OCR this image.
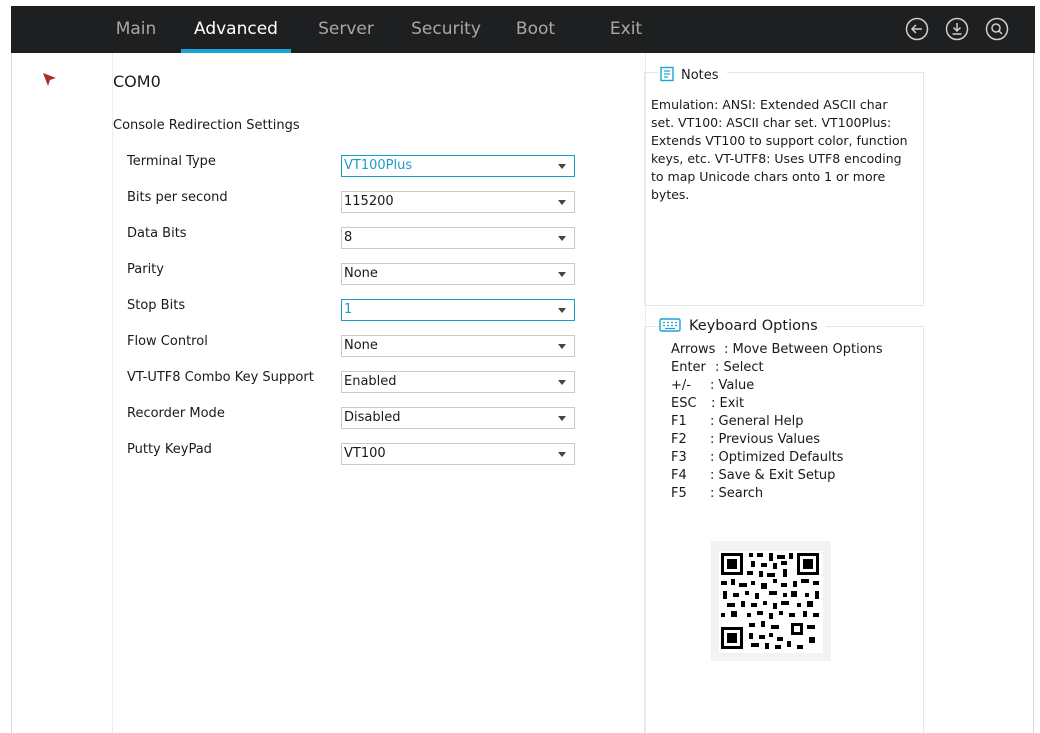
Main	Advanced	Server	Security	Boot	Exit
COM0
Console Redirection Settings
Terminal Type	VT100Plus
Bits per second	115200
Data Bits	8
Parity	None
Stop Bits	1
Flow Control	None
VT-UTF8 Combo Key Support Enabled
Recorder Mode	Disabled
Putty KeyPad	VT100
Notes
Emulation: ANSI: Extended ASCII char set. VT100: ASCII char set. VT100Plus: Extends VT100 to support color, function keys, etc. VT-UTF8: Uses UTF8 encoding to map Unicode chars onto 1 or more bytes.
Keyboard Options
Arrows : Move Between Options
Enter : Select
+/- : Value
ESC : Exit
F1 : General Help
F2 : Previous Values
F3 : Optimized Defaults
F4 : Save & Exit Setup
F5 : Search
